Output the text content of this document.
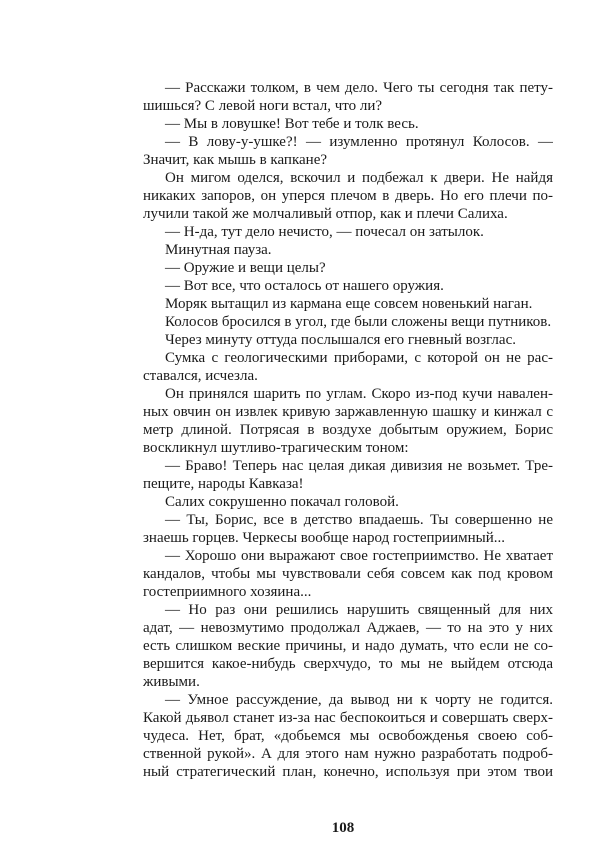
— Расскажи толком, в чем дело. Чего ты сегодня так пету-
шишься? С левой ноги встал, что ли?
— Мы в ловушке! Вот тебе и толк весь.
— В лову-у-ушке?! — изумленно протянул Колосов. —
Значит, как мышь в капкане?
Он мигом оделся, вскочил и подбежал к двери. Не найдя
никаких запоров, он уперся плечом в дверь. Но его плечи по-
лучили такой же молчаливый отпор, как и плечи Салиха.
— Н-да, тут дело нечисто, — почесал он затылок.
Минутная пауза.
— Оружие и вещи целы?
— Вот все, что осталось от нашего оружия.
Моряк вытащил из кармана еще совсем новенький наган.
Колосов бросился в угол, где были сложены вещи путников.
Через минуту оттуда послышался его гневный возглас.
Сумка с геологическими приборами, с которой он не рас-
ставался, исчезла.
Он принялся шарить по углам. Скоро из-под кучи навален-
ных овчин он извлек кривую заржавленную шашку и кинжал с
метр длиной. Потрясая в воздухе добытым оружием, Борис
воскликнул шутливо-трагическим тоном:
— Браво! Теперь нас целая дикая дивизия не возьмет. Тре-
пещите, народы Кавказа!
Салих сокрушенно покачал головой.
— Ты, Борис, все в детство впадаешь. Ты совершенно не
знаешь горцев. Черкесы вообще народ гостеприимный...
— Хорошо они выражают свое гостеприимство. Не хватает
кандалов, чтобы мы чувствовали себя совсем как под кровом
гостеприимного хозяина...
— Но раз они решились нарушить священный для них
адат, — невозмутимо продолжал Аджаев, — то на это у них
есть слишком веские причины, и надо думать, что если не со-
вершится какое-нибудь сверхчудо, то мы не выйдем отсюда
живыми.
— Умное рассуждение, да вывод ни к чорту не годится.
Какой дьявол станет из-за нас беспокоиться и совершать сверх-
чудеса. Нет, брат, «добьемся мы освобожденья своею соб-
ственной рукой». А для этого нам нужно разработать подроб-
ный стратегический план, конечно, используя при этом твои
108
